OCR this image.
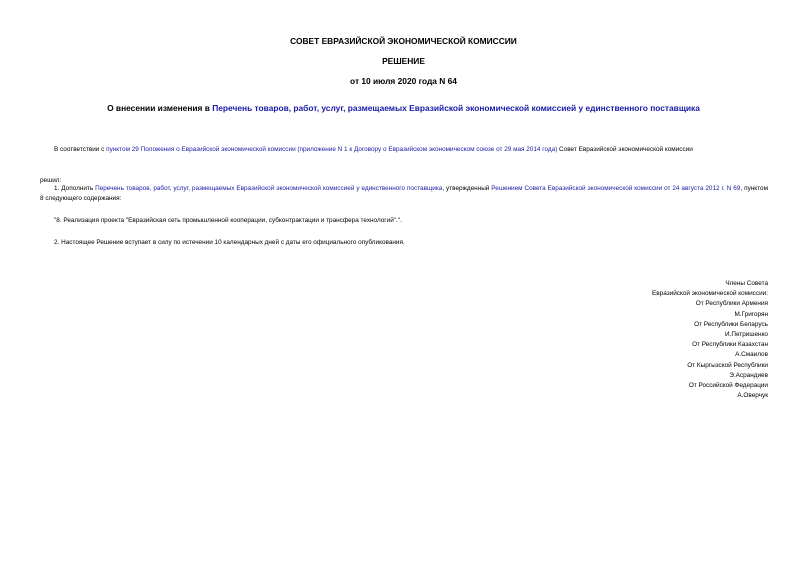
СОВЕТ ЕВРАЗИЙСКОЙ ЭКОНОМИЧЕСКОЙ КОМИССИИ
РЕШЕНИЕ
от 10 июля 2020 года N 64
О внесении изменения в Перечень товаров, работ, услуг, размещаемых Евразийской экономической комиссией у единственного поставщика
В соответствии с пунктом 29 Положения о Евразийской экономической комиссии (приложение N 1 к Договору о Евразийском экономическом союзе от 29 мая 2014 года) Совет Евразийской экономической комиссии
решил:
1. Дополнить Перечень товаров, работ, услуг, размещаемых Евразийской экономической комиссией у единственного поставщика, утвержденный Решением Совета Евразийской экономической комиссии от 24 августа 2012 г. N 69, пунктом 8 следующего содержания:
"8. Реализация проекта "Евразийская сеть промышленной кооперации, субконтрактации и трансфера технологий".".
2. Настоящее Решение вступает в силу по истечении 10 календарных дней с даты его официального опубликования.
Члены Совета
Евразийской экономической комиссии:
От Республики Армения
М.Григорян
От Республики Беларусь
И.Петришенко
От Республики Казахстан
А.Смаилов
От Кыргызской Республики
Э.Асрандиев
От Российской Федерации
А.Оверчук
